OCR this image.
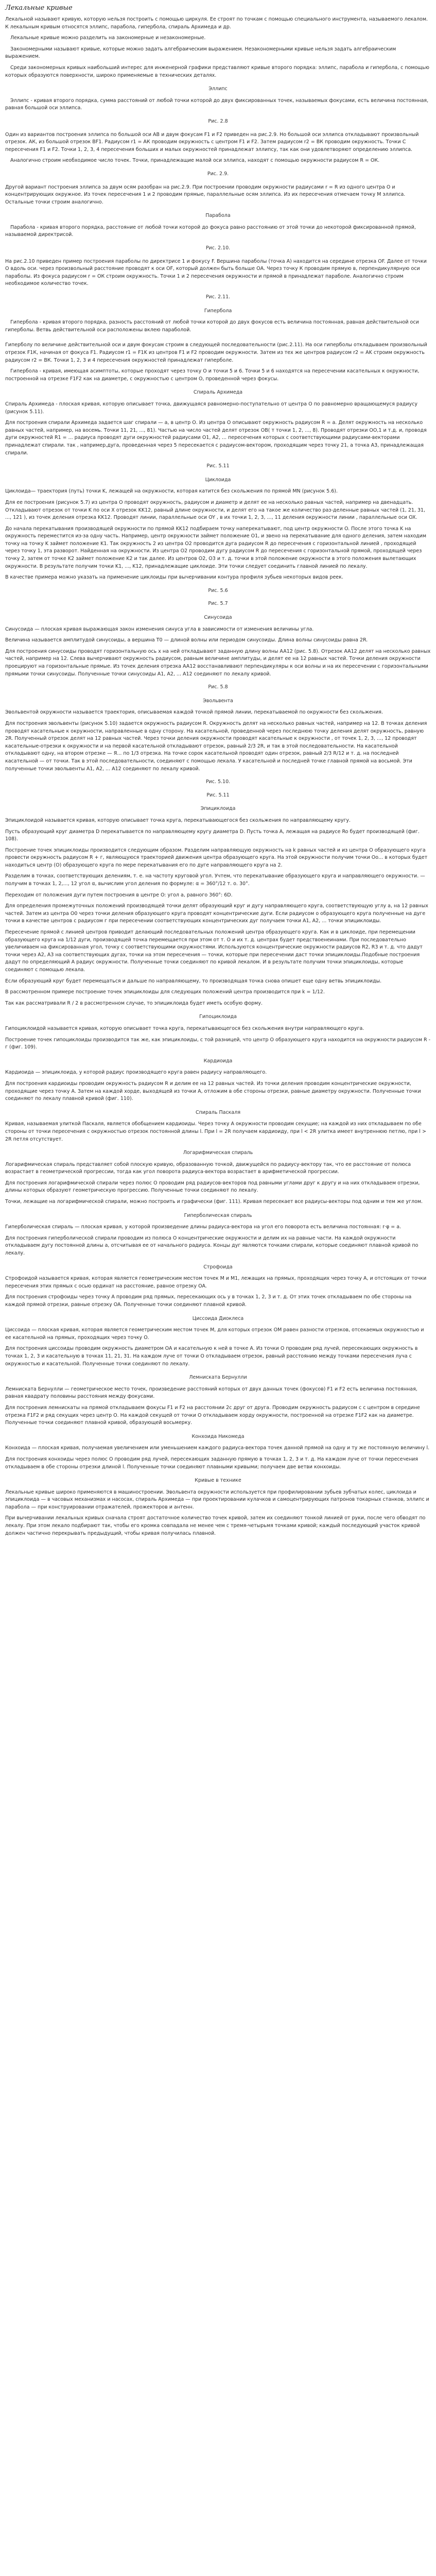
Лекальные кривые

Лекальной называют кривую, которую нельзя построить с помощью циркуля. Ее строят по точкам с помощью специального инструмента, называемого лекалом. К лекальным кривым относятся эллипс, парабола, гипербола, спираль Архимеда и др.

Лекальные кривые можно разделить на закономерные и незакономерные.

Закономерными называют кривые, которые можно задать алгебраическим выражением. Незакономерными кривые нельзя задать алгебраическим выражением.

Среди закономерных кривых наибольший интерес для инженерной графики представляют кривые второго порядка: эллипс, парабола и гипербола, с помощью которых образуются поверхности, широко применяемые в технических деталях.

Эллипс

Эллипс - кривая второго порядка, сумма расстояний от любой точки которой до двух фиксированных точек, называемых фокусами, есть величина постоянная, равная большой оси эллипса.

Рис. 2.8

Один из вариантов построения эллипса по большой оси АВ и двум фокусам F1 и F2 приведен на рис.2.9. Но большой оси эллипса откладывают произвольный отрезок. АК, из большой отрезок ВF1. Радиусом r1 = АК проводим окружность с центром F1 и F2. Затем радиусом r2 = ВК проводим окружность. Точки С пересечения F1 и F2. Точки 1, 2, 3, 4 пересечения больших и малых окружностей принадлежат эллипсу, так как они удовлетворяют определению эллипса.

Аналогично строим необходимое число точек. Точки, принадлежащие малой оси эллипса, находят с помощью окружности радиусом R = ОК.

Рис. 2.9.

Другой вариант построения эллипса за двум осям разобран на рис.2.9. При построении проводим окружности радиусами r = R из одного центра О и концентрирующих окружное. Из точек пересечения 1 и 2 проводим прямые, параллельные осям эллипса. Из их пересечения отмечаем точку М эллипса. Остальные точки строим аналогично.

Парабола

Парабола - кривая второго порядка, расстояние от любой точки которой до фокуса равно расстоянию от этой точки до некоторой фиксированной прямой, называемой директрисой.

Рис. 2.10.

На рис.2.10 приведен пример построения параболы по директрисе 1 и фокусу F. Вершина параболы (точка А) находится на середине отрезка OF. Далее от точки О вдоль оси. через произвольный расстояние проводят к оси OF, который должен быть больше ОА. Через точку К проводим прямую в, перпендикулярную оси параболы. Из фокуса радиусом r = ОК строим окружность. Точки 1 и 2 пересечения окружности и прямой в принадлежат параболе. Аналогично строим необходимое количество точек.

Рис. 2.11.

Гипербола

Гипербола - кривая второго порядка, разность расстояний от любой точки которой до двух фокусов есть величина постоянная, равная действительной оси гиперболы. Ветвь действительной оси расположены вклею параболой.

Гиперболу по величине действительной оси и двум фокусам строим в следующей последовательности (рис.2.11). На оси гиперболы откладываем произвольный отрезок F1К, начиная от фокуса F1. Радиусом r1 = F1K из центров F1 и F2 проводим окружности. Затем из тех же центров радиусом r2 = AK строим окружность радиусом r2 = ВК. Точки 1, 2, 3 и 4 пересечения окружностей принадлежат гиперболе.

Гипербола - кривая, имеющая асимптоты, которые проходят через точку О и точки 5 и 6. Точки 5 и 6 находятся на пересечении касательных к окружности, построенной на отрезке F1F2 как на диаметре, с окружностью с центром О, проведенной через фокусы.

Спираль Архимеда

Спираль Архимеда - плоская кривая, которую описывает точка, движущаяся равномерно-поступательно от центра О по равномерно вращающемуся радиусу (рисунок 5.11).

Для построения спирали Архимеда задается шаг спирали — а, в центр О. Из центра О описывают окружность радиусом R = а. Делят окружность на несколько равных частей, например, на восемь. Точки 11, 21, ..., 81). Частью на число частей делят отрезок ОВ( т точки 1, 2, ..., 8). Проводят отрезки ОО,1 и т.д. и, проводя дуги окружностей R1 = ... радиуса проводят дуги окружностей радиусами O1, A2, ... пересечения которых с соответствующими радиусами-векторами принадлежат спирали. так , например,дуга, проведенная через 5 пересекается с радиусом-вектором, проходящим через точку 21, а точка A3, принадлежащая спирали.

Рис. 5.11

Циклоида

Циклоида— траектория (путь) точки K, лежащей на окружности, которая катится без скольжения по прямой MN (рисунок 5.6).

Для ее построения (рисунок 5.7) из центра O проводят окружность, радиусом и диаметр и делят ее на несколько равных частей, например на двенадцать. Откладывают отрезок от точки K по оси X отрезок KK12, равный длине окружности, и делят его на такое же количество раз-деленные равных частей (1, 21, 31, ..., 121 ), из точек деления отрезка KK12. Проводят линии, параллельные оси OY , в их точки 1, 2, 3, ..., 11 деления окружности линии , параллельные оси OX.

До начала перекатывания производящей окружности по прямой KK12 подбираем точку наперекатывают, под центр окружности O. После этого точка K на окружность переместится из-за одну часть. Например, центр окружности займет положение O1, и звено на перекатывание для одного деления, затем находим точку на точку K займет положение K1. Так окружность 2 из центра O2 проводится дуга радиусом R до пересечения с горизонтальной линией , проходящей через точку 1, эта разворот. Найденная на окружности. Из центра O2 проводим дугу радиусом R до пересечения с горизонтальной прямой, проходящей через точку 2, затем от точке K2 займет положение K2 и так далее. Из центров O2, O3 и т. д. точки в этой положение окружности в этого положения вылетающих окружности. В результате получим точки K1, ..., K12, принадлежащие циклоиде. Эти точки следует соединить главной линией по лекалу.

В качестве примера можно указать на применение циклоиды при вычерчивании контура профиля зубьев некоторых видов реек.

Рис. 5.6

Рис. 5.7

Синусоида

Синусоида — плоская кривая выражающая закон изменения синуса угла в зависимости от изменения величины угла.

Величина называется амплитудой синусоиды, а вершина T0 — длиной волны или периодом синусоиды. Длина волны синусоиды равна 2R.

Для построения синусоиды проводят горизонтальную ось x на ней откладывают заданную длину волны AA12 (рис. 5.8). Отрезок AA12 делят на несколько равных частей, например на 12. Слева вычерчивают окружность радиусом, равным величине амплитуды, и делят ее на 12 равных частей. Точки деления окружности проецируют на горизонтальные прямые. Из точек деления отрезка AA12 восстанавливают перпендикуляры к оси волны и на их пересечении с горизонтальными прямыми точки синусоиды. Полученные точки синусоиды A1, A2, ... A12 соединяют по лекалу кривой.

Рис. 5.8

Эвольвента

Эвольвентой окружности называется траектория, описываемая каждой точкой прямой линии, перекатываемой по окружности без скольжения.

Для построения эвольвенты (рисунок 5.10) задается окружность радиусом R. Окружность делят на несколько равных частей, например на 12. В точках деления проводят касательные к окружности, направленные в одну сторону. На касательной, проведенной через последнюю точку деления делят окружность, равную 2R. Полученный отрезок делят на 12 равных частей. Через точки деления окружности проводят касательные к окружности , от точек 1, 2, 3, ..., 12 проводят касательные-отрезки к окружности и на первой касательной откладывают отрезок, равный 2/3 2R, и так в этой последовательности. На касательной откладывают одну, на втором отрезке — Я... по 1/3 отрезка. На точке сорок касательной проводят один отрезок, равный 2/3 R/12 и т. д. на последней касательной — от точки. Так в этой последовательности, соединяют с помощью лекала. У касательной и последней точке главной прямой на восьмой. Эти полученные точки эвольвенты A1, A2, ... A12 соединяют по лекалу кривой.

Рис. 5.10.

Рис. 5.11

Эпициклоида

Эпициклоидой называется кривая, которую описывает точка круга, перекатывающегося без скольжения по направляющему кругу.

Пусть образующий круг диаметра D перекатывается по направляющему кругу диаметра D. Пусть точка А, лежащая на радиусе Ro будет производящей (фиг. 108).

Построение точек эпициклоиды производится следующим образом. Разделим направляющую окружность на k равных частей и из центра О образующего круга провести окружность радиусом R + г, являющуюся траекторией движения центра образующего круга. На этой окружности получим точки Оо... в которых будет находиться центр (О) образующего круга по мере перекатывания его по дуге направляющего круга на 2.

Разделим в точках, соответствующих делениям, т. е. на частоту круговой угол. Учтем, что перекатывание образующего круга и направляющего окружности. — получим в точках 1, 2,..., 12 угол α, вычислим угол деления по формуле: α = 360°/12 т. о. 30°.

Переходим от положения дуги путем построения в центре O: угол а, равного 360°: 6D.

Для определения промежуточных положений производящей точки делят образующий круг и дугу направляющего круга, соответствующую углу а, на 12 равных частей. Затем из центра О0 через точки деления образующего круга проводят концентрические дуги. Если радиусом о образующего круга полученные на дуге точки в качестве центров с радиусом г при пересечении соответствующих концентрических дуг получаем точки A1, A2, ... точки эпициклоиды.

Пересечение прямой с линией центров приводит делающий последовательных положений центра образующего круга. Как и в циклоиде, при перемещении образующего круга на 1/12 дуги, производящей точка перемещается при этом от т. О и их т. д. центрах будет предствоенеинами. При последовательно увеличиваем на фиксированная угол, точку с соответствующими окружностями. Используются концентрические окружности радиусов R2, R3 и т. д. что дадут точки через A2, A3 на соответствующих дугах, точки на этом пересечения — точки, которые при пересечении даст точки эпициклоиды.Подобные построения дадут по определяющий А радиус окружности. Полученные точки соединяют по кривой лекалом. И в результате получим точки эпициклоиды, которые соединяют с помощью лекала.

Если образующий круг будет перемещаться и дальше по направляющему, то производящая точка снова опишет еще одну ветвь эпициклоиды.

В рассмотренном примере построение точек эпициклоиды для следующих положений центра производится при k = 1/12.

Так как рассматривали R / 2 в рассмотренном случае, то эпициклоида будет иметь особую форму.

Гипоциклоида

Гипоциклоидой называется кривая, которую описывает точка круга, перекатывающегося без скольжения внутри направляющего круга.

Построение точек гипоциклоиды производится так же, как эпициклоиды, с той разницей, что центр О образующего круга находится на окружности радиусом R - г (фиг. 109).

Кардиоида

Кардиоида — эпициклоида, у которой радиус производящего круга равен радиусу направляющего.

Для построения кардиоиды проводим окружность радиусом R и делим ее на 12 равных частей. Из точки деления проводим концентрические окружности, проходящие через точку А. Затем на каждой хорде, выходящей из точки А, отложим в обе стороны отрезки, равные диаметру окружности. Полученные точки соединяют по лекалу плавной кривой (фиг. 110).

Спираль Паскаля

Кривая, называемая улиткой Паскаля, является обобщением кардиоиды. Через точку A окружности проводим секущие; на каждой из них откладываем по обе стороны от точки пересечения с окружностью отрезок постоянной длины l. При l = 2R получаем кардиоиду, при l < 2R улитка имеет внутреннюю петлю, при l > 2R петля отсутствует.

Логарифмическая спираль

Логарифмическая спираль представляет собой плоскую кривую, образованную точкой, движущейся по радиусу-вектору так, что ее расстояние от полюса возрастает в геометрической прогрессии, тогда как угол поворота радиуса-вектора возрастает в арифметической прогрессии.

Для построения логарифмической спирали через полюс О проводим ряд радиусов-векторов под равными углами друг к другу и на них откладываем отрезки, длины которых образуют геометрическую прогрессию. Полученные точки соединяют по лекалу.

Точки, лежащие на логарифмической спирали, можно построить и графически (фиг. 111). Кривая пересекает все радиусы-векторы под одним и тем же углом.

Гиперболическая спираль

Гиперболическая спираль — плоская кривая, у которой произведение длины радиуса-вектора на угол его поворота есть величина постоянная: r·φ = a.

Для построения гиперболической спирали проводим из полюса О концентрические окружности и делим их на равные части. На каждой окружности откладываем дугу постоянной длины a, отсчитывая ее от начального радиуса. Концы дуг являются точками спирали, которые соединяют плавной кривой по лекалу.

Строфоида

Строфоидой называется кривая, которая является геометрическим местом точек M и M1, лежащих на прямых, проходящих через точку А, и отстоящих от точки пересечения этих прямых с осью ординат на расстояние, равное отрезку OA.

Для построения строфоиды через точку А проводим ряд прямых, пересекающих ось y в точках 1, 2, 3 и т. д. От этих точек откладываем по обе стороны на каждой прямой отрезки, равные отрезку OA. Полученные точки соединяют плавной кривой.

Циссоида Диоклеса

Циссоида — плоская кривая, которая является геометрическим местом точек M, для которых отрезок OM равен разности отрезков, отсекаемых окружностью и ее касательной на прямых, проходящих через точку О.

Для построения циссоиды проводим окружность диаметром OA и касательную к ней в точке A. Из точки О проводим ряд лучей, пересекающих окружность в точках 1, 2, 3 и касательную в точках 11, 21, 31. На каждом луче от точки О откладываем отрезок, равный расстоянию между точками пересечения луча с окружностью и касательной. Полученные точки соединяют по лекалу.

Лемниската Бернулли

Лемниската Бернулли — геометрическое место точек, произведение расстояний которых от двух данных точек (фокусов) F1 и F2 есть величина постоянная, равная квадрату половины расстояния между фокусами.

Для построения лемнискаты на прямой откладываем фокусы F1 и F2 на расстоянии 2c друг от друга. Проводим окружность радиусом c с центром в середине отрезка F1F2 и ряд секущих через центр О. На каждой секущей от точки О откладываем хорду окружности, построенной на отрезке F1F2 как на диаметре. Полученные точки соединяют плавной кривой, образующей восьмерку.

Конхоида Никомеда

Конхоида — плоская кривая, получаемая увеличением или уменьшением каждого радиуса-вектора точек данной прямой на одну и ту же постоянную величину l.

Для построения конхоиды через полюс О проводим ряд лучей, пересекающих заданную прямую в точках 1, 2, 3 и т. д. На каждом луче от точки пересечения откладываем в обе стороны отрезки длиной l. Полученные точки соединяют плавными кривыми; получаем две ветви конхоиды.

Кривые в технике

Лекальные кривые широко применяются в машиностроении. Эвольвента окружности используется при профилировании зубьев зубчатых колес, циклоида и эпициклоида — в часовых механизмах и насосах, спираль Архимеда — при проектировании кулачков и самоцентрирующих патронов токарных станков, эллипс и парабола — при конструировании отражателей, прожекторов и антенн.

При вычерчивании лекальных кривых сначала строят достаточное количество точек кривой, затем их соединяют тонкой линией от руки, после чего обводят по лекалу. При этом лекало подбирают так, чтобы его кромка совпадала не менее чем с тремя-четырьмя точками кривой; каждый последующий участок кривой должен частично перекрывать предыдущий, чтобы кривая получилась плавной.
